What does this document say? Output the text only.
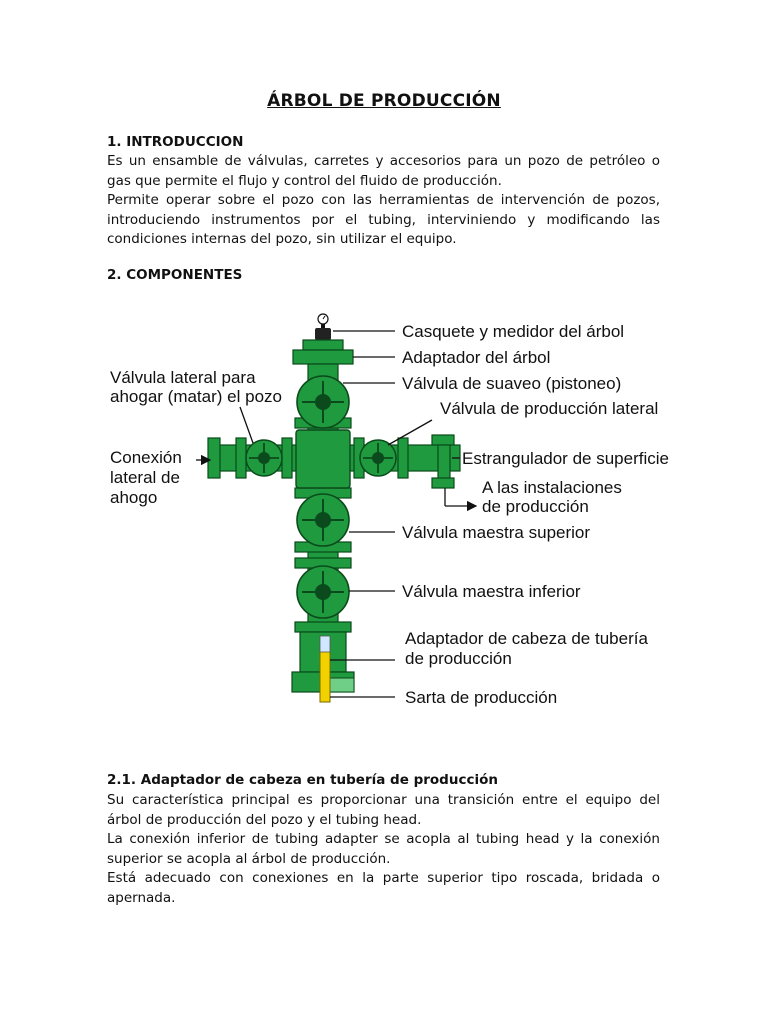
ÁRBOL DE PRODUCCIÓN
1. INTRODUCCION
Es un ensamble de válvulas, carretes y accesorios para un pozo de petróleo o
gas que permite el flujo y control del fluido de producción.
Permite operar sobre el pozo con las herramientas de intervención de pozos,
introduciendo instrumentos por el tubing, interviniendo y modificando las
condiciones internas del pozo, sin utilizar el equipo.
2. COMPONENTES
Casquete y medidor del árbol
Adaptador del árbol
Válvula de suaveo (pistoneo)
Válvula de producción lateral
Estrangulador de superficie
A las instalaciones
de producción
Válvula maestra superior
Válvula maestra inferior
Adaptador de cabeza de tubería
de producción
Sarta de producción
Válvula lateral para
ahogar (matar) el pozo
Conexión
lateral de
ahogo
2.1. Adaptador de cabeza en tubería de producción
Su característica principal es proporcionar una transición entre el equipo del
árbol de producción del pozo y el tubing head.
La conexión inferior de tubing adapter se acopla al tubing head y la conexión
superior se acopla al árbol de producción.
Está adecuado con conexiones en la parte superior tipo roscada, bridada o
apernada.
